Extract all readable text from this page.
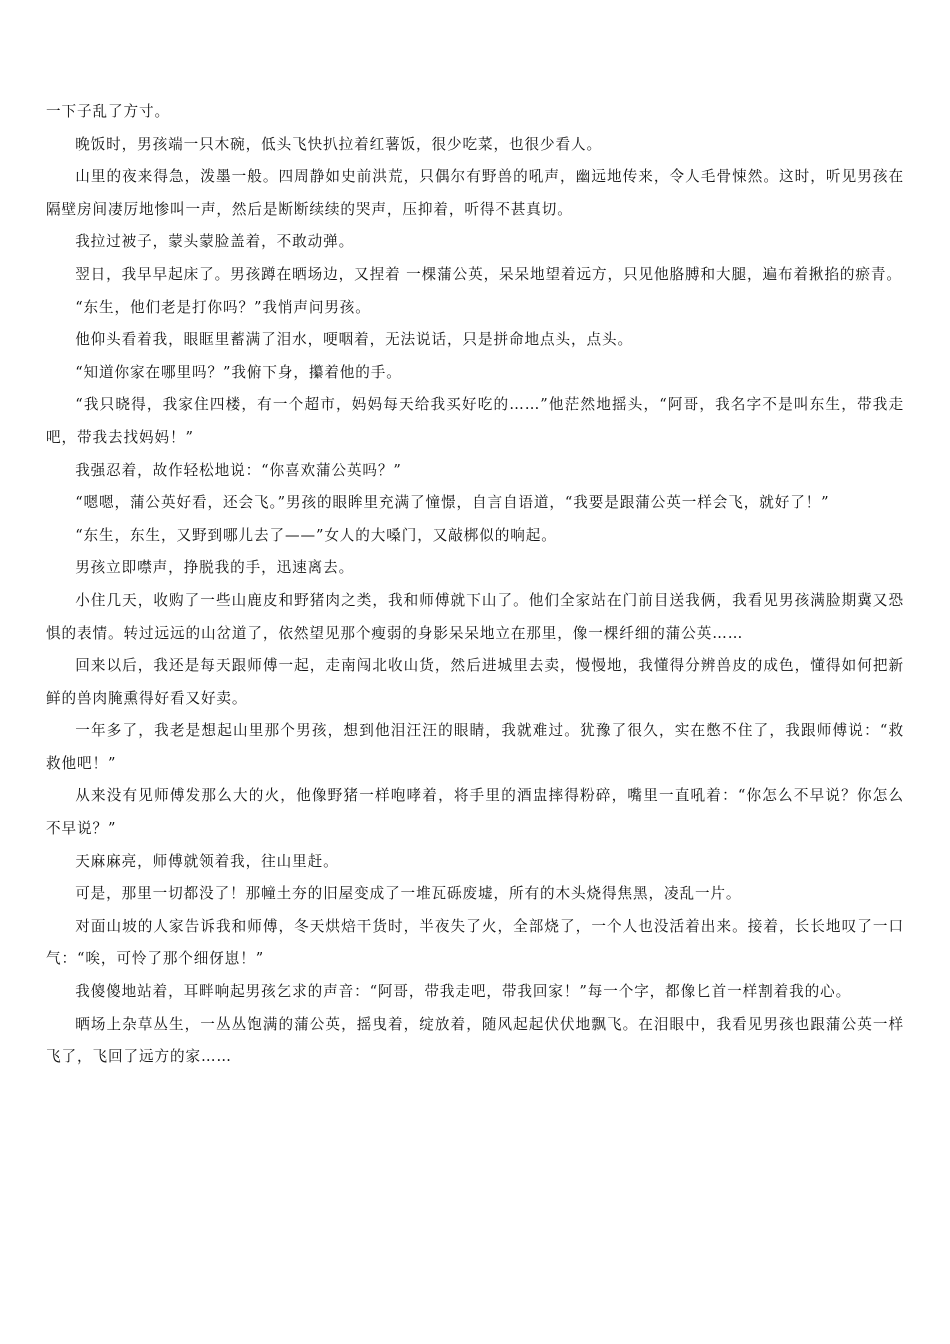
一下子乱了方寸。

晚饭时，男孩端一只木碗，低头飞快扒拉着红薯饭，很少吃菜，也很少看人。

山里的夜来得急，泼墨一般。四周静如史前洪荒，只偶尔有野兽的吼声，幽远地传来，令人毛骨悚然。这时，听见男孩在隔壁房间凄厉地惨叫一声，然后是断断续续的哭声，压抑着，听得不甚真切。

我拉过被子，蒙头蒙脸盖着，不敢动弹。

翌日，我早早起床了。男孩蹲在晒场边，又捏着 一棵蒲公英，呆呆地望着远方，只见他胳膊和大腿，遍布着揪掐的瘀青。

“东生，他们老是打你吗？”我悄声问男孩。

他仰头看着我，眼眶里蓄满了泪水，哽咽着，无法说话，只是拼命地点头，点头。

“知道你家在哪里吗？”我俯下身，攥着他的手。

“我只晓得，我家住四楼，有一个超市，妈妈每天给我买好吃的……”他茫然地摇头，“阿哥，我名字不是叫东生，带我走吧，带我去找妈妈！”

我强忍着，故作轻松地说：“你喜欢蒲公英吗？”

“嗯嗯，蒲公英好看，还会飞。”男孩的眼眸里充满了憧憬，自言自语道，“我要是跟蒲公英一样会飞，就好了！”

“东生，东生，又野到哪儿去了——”女人的大嗓门，又敲梆似的响起。

男孩立即噤声，挣脱我的手，迅速离去。

小住几天，收购了一些山鹿皮和野猪肉之类，我和师傅就下山了。他们全家站在门前目送我俩，我看见男孩满脸期冀又恐惧的表情。转过远远的山岔道了，依然望见那个瘦弱的身影呆呆地立在那里，像一棵纤细的蒲公英……

回来以后，我还是每天跟师傅一起，走南闯北收山货，然后进城里去卖，慢慢地，我懂得分辨兽皮的成色，懂得如何把新鲜的兽肉腌熏得好看又好卖。

一年多了，我老是想起山里那个男孩，想到他泪汪汪的眼睛，我就难过。犹豫了很久，实在憋不住了，我跟师傅说：“救救他吧！”

从来没有见师傅发那么大的火，他像野猪一样咆哮着，将手里的酒盅摔得粉碎，嘴里一直吼着：“你怎么不早说？你怎么不早说？”

天麻麻亮，师傅就领着我，往山里赶。

可是，那里一切都没了！那幢土夯的旧屋变成了一堆瓦砾废墟，所有的木头烧得焦黑，凌乱一片。

对面山坡的人家告诉我和师傅，冬天烘焙干货时，半夜失了火，全部烧了，一个人也没活着出来。接着，长长地叹了一口气：“唉，可怜了那个细伢崽！”

我傻傻地站着，耳畔响起男孩乞求的声音：“阿哥，带我走吧，带我回家！”每一个字，都像匕首一样割着我的心。

晒场上杂草丛生，一丛丛饱满的蒲公英，摇曳着，绽放着，随风起起伏伏地飘飞。在泪眼中，我看见男孩也跟蒲公英一样飞了，飞回了远方的家……
